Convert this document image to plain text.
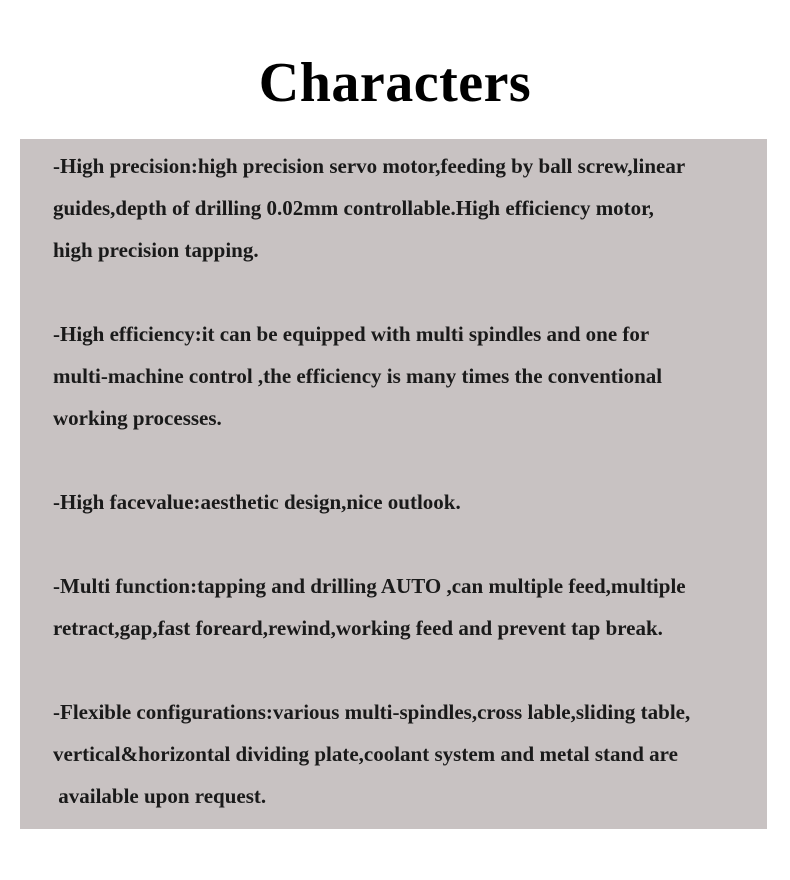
Characters
-High precision:high precision servo motor,feeding by ball screw,linear
guides,depth of drilling 0.02mm controllable.High efficiency motor,
high precision tapping.
-High efficiency:it can be equipped with multi spindles and one for
multi-machine control ,the efficiency is many times the conventional
working processes.
-High facevalue:aesthetic design,nice outlook.
-Multi function:tapping and drilling AUTO ,can multiple feed,multiple
retract,gap,fast foreard,rewind,working feed and prevent tap break.
-Flexible configurations:various multi-spindles,cross lable,sliding table,
vertical&horizontal dividing plate,coolant system and metal stand are
available upon request.
